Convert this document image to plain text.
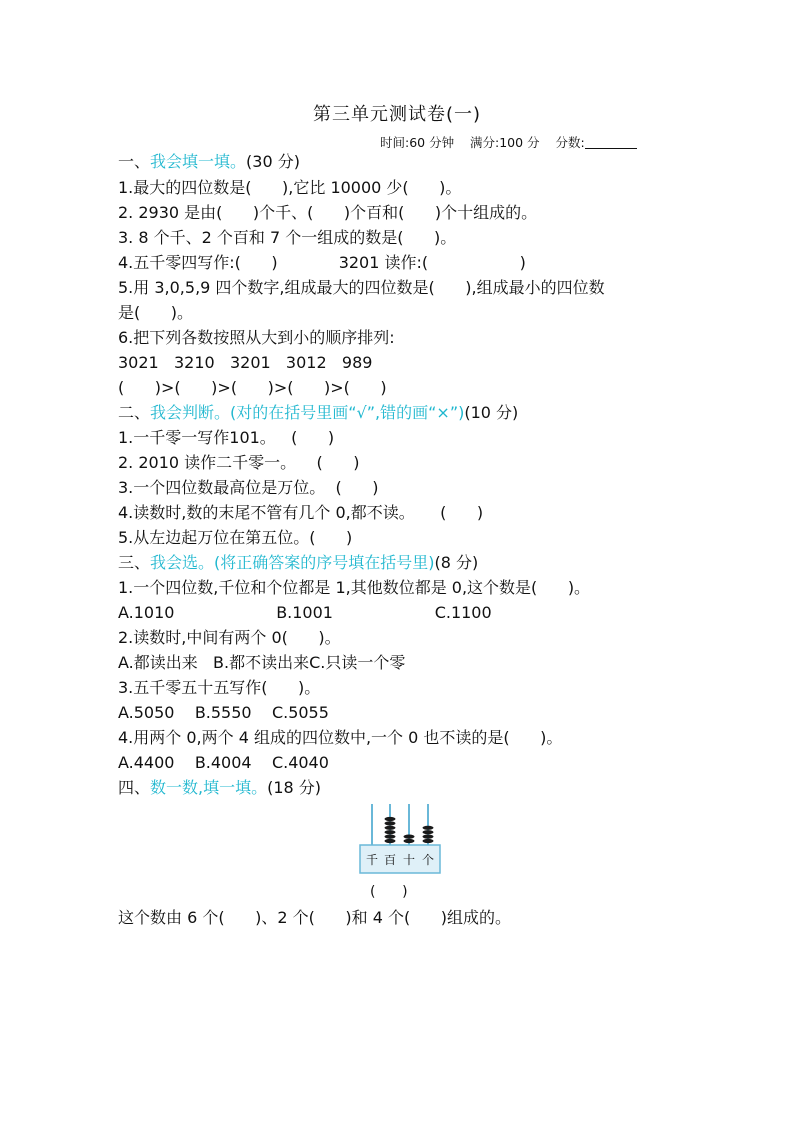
第三单元测试卷(一)
时间:60 分钟 满分:100 分 分数:
一、我会填一填。(30 分)
1.最大的四位数是(      ),它比 10000 少(      )。
2. 2930 是由(      )个千、(      )个百和(      )个十组成的。
3. 8 个千、2 个百和 7 个一组成的数是(      )。
4.五千零四写作:(      )            3201 读作:(                  )
5.用 3,0,5,9 四个数字,组成最大的四位数是(      ),组成最小的四位数
是(      )。
6.把下列各数按照从大到小的顺序排列:
3021   3210   3201   3012   989
(      )>(      )>(      )>(      )>(      )
二、我会判断。(对的在括号里画“√”,错的画“×”)(10 分)
1.一千零一写作101。   (      )
2. 2010 读作二千零一。    (      )
3.一个四位数最高位是万位。  (      )
4.读数时,数的末尾不管有几个 0,都不读。     (      )
5.从左边起万位在第五位。(      )
三、我会选。(将正确答案的序号填在括号里)(8 分)
1.一个四位数,千位和个位都是 1,其他数位都是 0,这个数是(      )。
A.1010                    B.1001                    C.1100
2.读数时,中间有两个 0(      )。
A.都读出来   B.都不读出来C.只读一个零
3.五千零五十五写作(      )。
A.5050    B.5550    C.5055
4.用两个 0,两个 4 组成的四位数中,一个 0 也不读的是(      )。
A.4400    B.4004    C.4040
四、数一数,填一填。(18 分)
千 百 十 个
(      )
这个数由 6 个(      )、2 个(      )和 4 个(      )组成的。
